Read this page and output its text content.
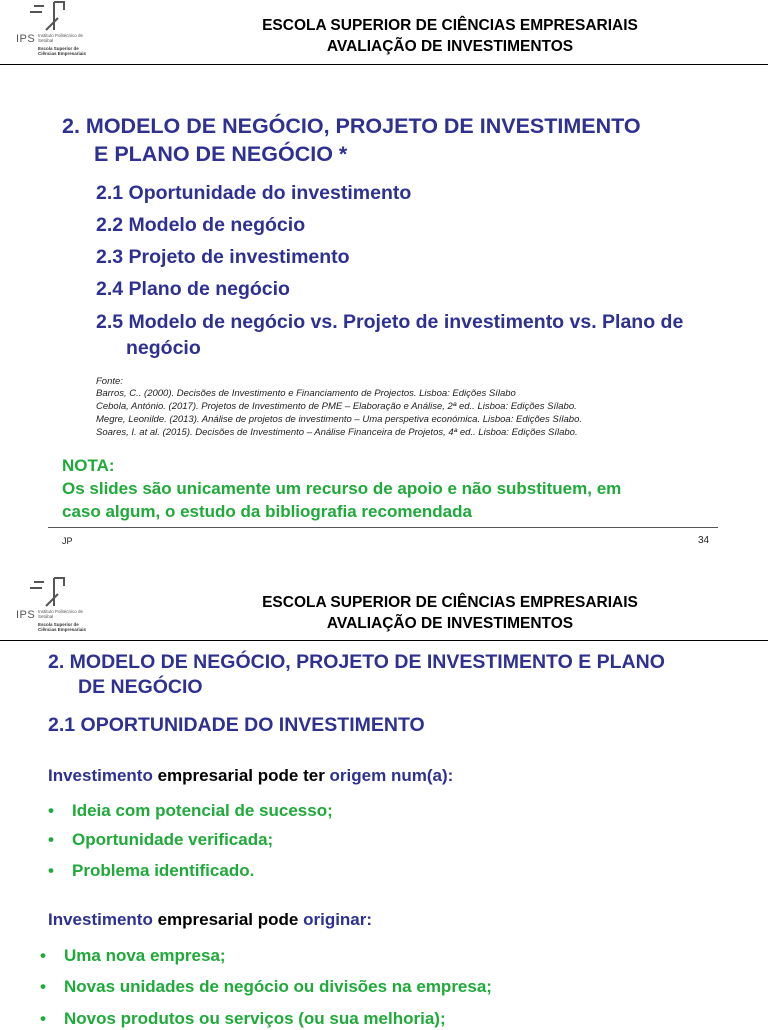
IPS Instituto Politécnico de Setúbal
Escola Superior de Ciências Empresariais
ESCOLA SUPERIOR DE CIÊNCIAS EMPRESARIAIS
AVALIAÇÃO DE INVESTIMENTOS
2. MODELO DE NEGÓCIO, PROJETO DE INVESTIMENTO
E PLANO DE NEGÓCIO *
2.1 Oportunidade do investimento
2.2 Modelo de negócio
2.3 Projeto de investimento
2.4 Plano de negócio
2.5 Modelo de negócio vs. Projeto de investimento vs. Plano de
negócio
Fonte:
Barros, C.. (2000). Decisões de Investimento e Financiamento de Projectos. Lisboa: Edições Sílabo
Cebola, António. (2017). Projetos de Investimento de PME – Elaboração e Análise, 2ª ed.. Lisboa: Edições Sílabo.
Megre, Leonilde. (2013). Análise de projetos de investimento – Uma perspetiva económica. Lisboa: Edições Sílabo.
Soares, I. at al. (2015). Decisões de Investimento – Análise Financeira de Projetos, 4ª ed.. Lisboa: Edições Sílabo.
NOTA:
Os slides são unicamente um recurso de apoio e não substituem, em
caso algum, o estudo da bibliografia recomendada
JP	34
IPS Instituto Politécnico de Setúbal
Escola Superior de Ciências Empresariais
ESCOLA SUPERIOR DE CIÊNCIAS EMPRESARIAIS
AVALIAÇÃO DE INVESTIMENTOS
2. MODELO DE NEGÓCIO, PROJETO DE INVESTIMENTO E PLANO
DE NEGÓCIO
2.1 OPORTUNIDADE DO INVESTIMENTO
Investimento empresarial pode ter origem num(a):
• Ideia com potencial de sucesso;
• Oportunidade verificada;
• Problema identificado.
Investimento empresarial pode originar:
• Uma nova empresa;
• Novas unidades de negócio ou divisões na empresa;
• Novos produtos ou serviços (ou sua melhoria);
